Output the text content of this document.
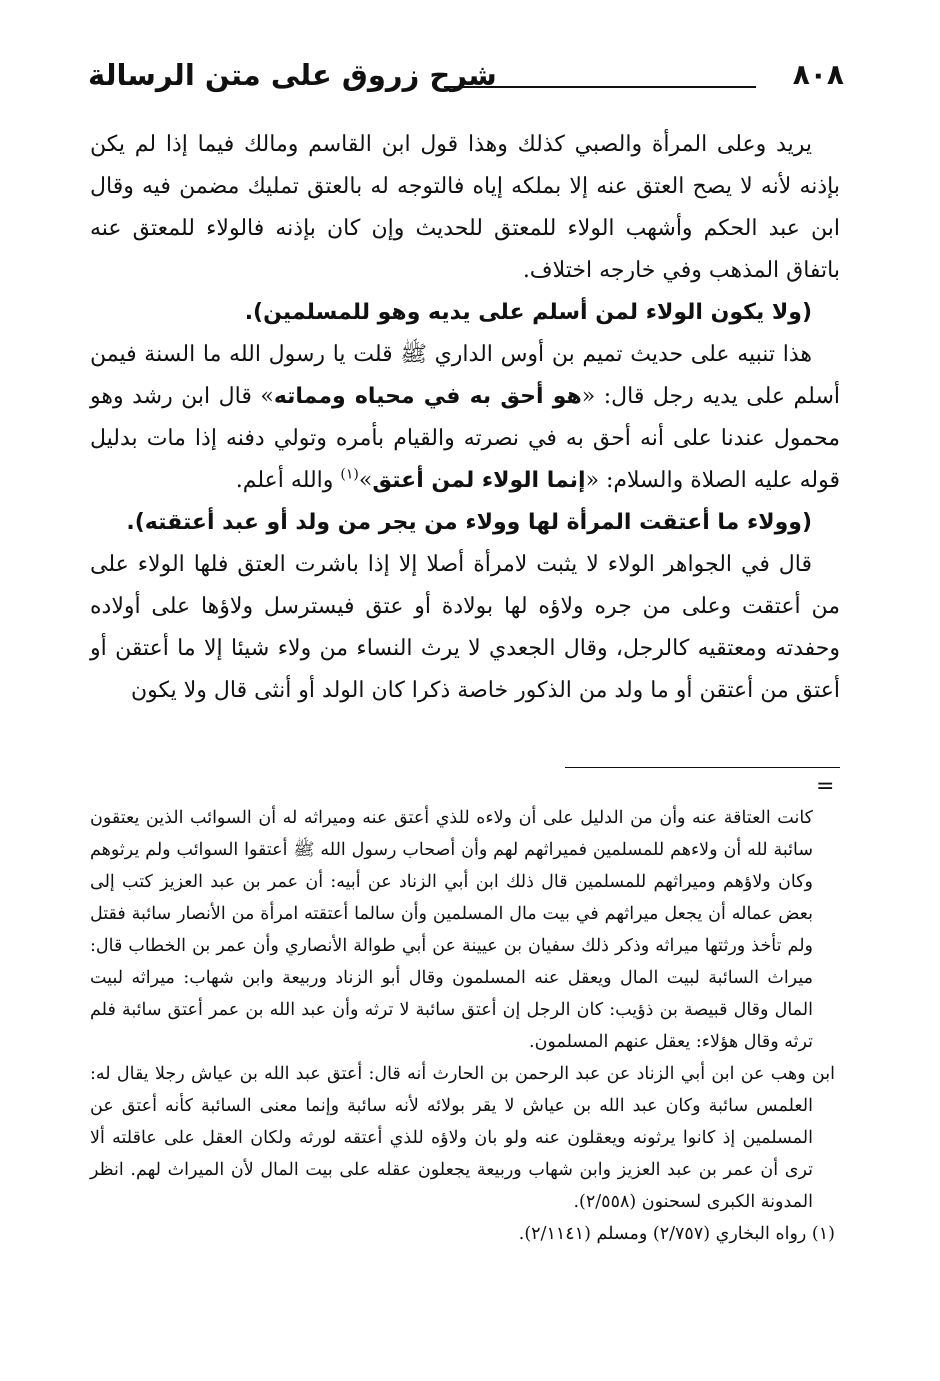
٨٠٨
شرح زروق على متن الرسالة

يريد وعلى المرأة والصبي كذلك وهذا قول ابن القاسم ومالك فيما إذا لم يكن بإذنه لأنه لا يصح العتق عنه إلا بملكه إياه فالتوجه له بالعتق تمليك مضمن فيه وقال ابن عبد الحكم وأشهب الولاء للمعتق للحديث وإن كان بإذنه فالولاء للمعتق عنه باتفاق المذهب وفي خارجه اختلاف.

(ولا يكون الولاء لمن أسلم على يديه وهو للمسلمين).

هذا تنبيه على حديث تميم بن أوس الداري ﷺ قلت يا رسول الله ما السنة فيمن أسلم على يديه رجل قال: «هو أحق به في محياه ومماته» قال ابن رشد وهو محمول عندنا على أنه أحق به في نصرته والقيام بأمره وتولي دفنه إذا مات بدليل قوله عليه الصلاة والسلام: «إنما الولاء لمن أعتق»$^{(١)}$ والله أعلم.

(وولاء ما أعتقت المرأة لها وولاء من يجر من ولد أو عبد أعتقته).

قال في الجواهر الولاء لا يثبت لامرأة أصلا إلا إذا باشرت العتق فلها الولاء على من أعتقت وعلى من جره ولاؤه لها بولادة أو عتق فيسترسل ولاؤها على أولاده وحفدته ومعتقيه كالرجل، وقال الجعدي لا يرث النساء من ولاء شيئا إلا ما أعتقن أو أعتق من أعتقن أو ما ولد من الذكور خاصة ذكرا كان الولد أو أنثى قال ولا يكون

=

كانت العتاقة عنه وأن من الدليل على أن ولاءه للذي أعتق عنه وميراثه له أن السوائب الذين يعتقون سائبة لله أن ولاءهم للمسلمين فميراثهم لهم وأن أصحاب رسول الله ﷺ أعتقوا السوائب ولم يرثوهم وكان ولاؤهم وميراثهم للمسلمين قال ذلك ابن أبي الزناد عن أبيه: أن عمر بن عبد العزيز كتب إلى بعض عماله أن يجعل ميراثهم في بيت مال المسلمين وأن سالما أعتقته امرأة من الأنصار سائبة فقتل ولم تأخذ ورثتها ميراثه وذكر ذلك سفيان بن عيينة عن أبي طوالة الأنصاري وأن عمر بن الخطاب قال: ميراث السائبة لبيت المال ويعقل عنه المسلمون وقال أبو الزناد وربيعة وابن شهاب: ميراثه لبيت المال وقال قبيصة بن ذؤيب: كان الرجل إن أعتق سائبة لا ترثه وأن عبد الله بن عمر أعتق سائبة فلم ترثه وقال هؤلاء: يعقل عنهم المسلمون.

ابن وهب عن ابن أبي الزناد عن عبد الرحمن بن الحارث أنه قال: أعتق عبد الله بن عياش رجلا يقال له: العلمس سائبة وكان عبد الله بن عياش لا يقر بولائه لأنه سائبة وإنما معنى السائبة كأنه أعتق عن المسلمين إذ كانوا يرثونه ويعقلون عنه ولو بان ولاؤه للذي أعتقه لورثه ولكان العقل على عاقلته ألا ترى أن عمر بن عبد العزيز وابن شهاب وربيعة يجعلون عقله على بيت المال لأن الميراث لهم. انظر المدونة الكبرى لسحنون (٢/٥٥٨).

(١) رواه البخاري (٢/٧٥٧) ومسلم (٢/١١٤١).
